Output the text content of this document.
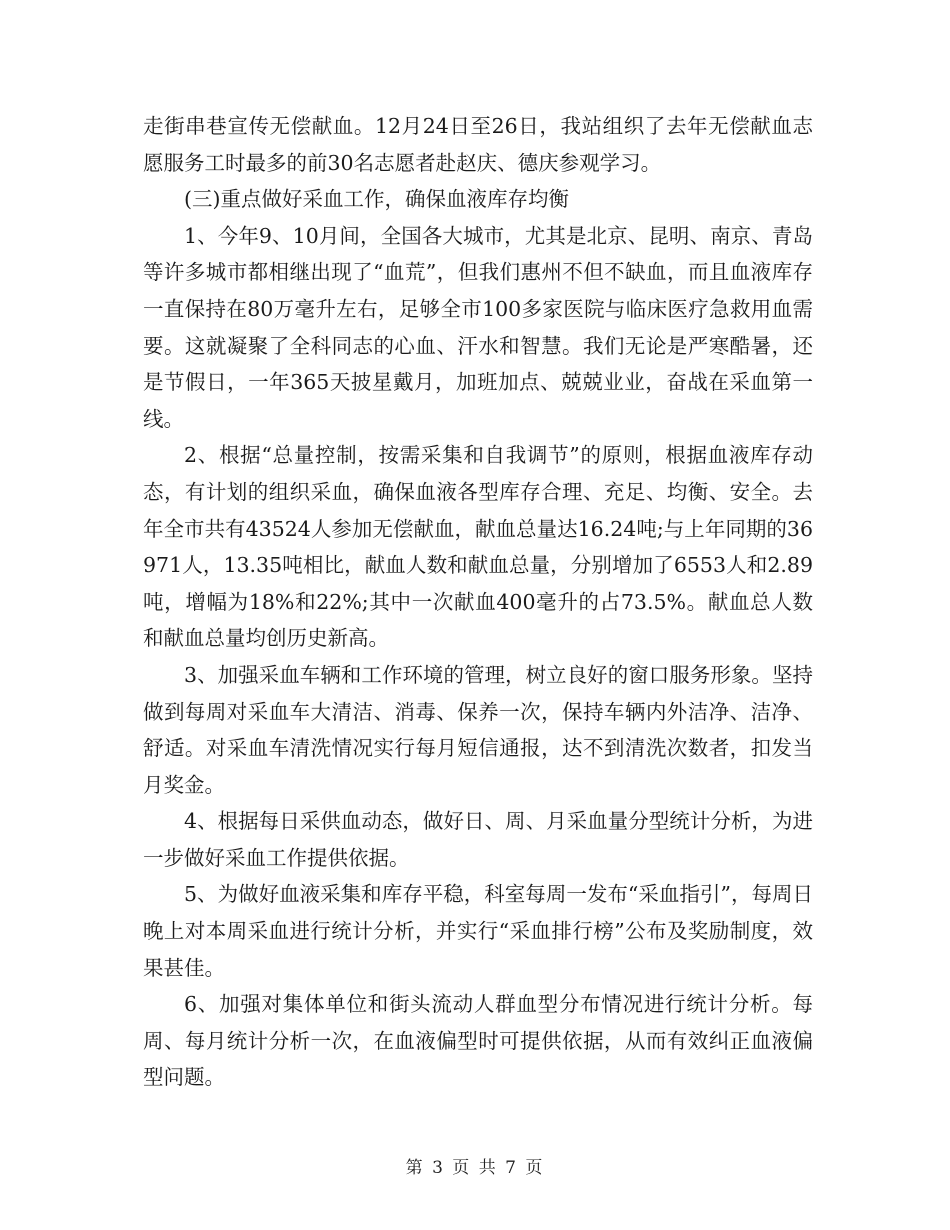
走街串巷宣传无偿献血。12月24日至26日，我站组织了去年无偿献血志愿服务工时最多的前30名志愿者赴赵庆、德庆参观学习。

(三)重点做好采血工作，确保血液库存均衡

1、今年9、10月间，全国各大城市，尤其是北京、昆明、南京、青岛等许多城市都相继出现了“血荒”，但我们惠州不但不缺血，而且血液库存一直保持在80万毫升左右，足够全市100多家医院与临床医疗急救用血需要。这就凝聚了全科同志的心血、汗水和智慧。我们无论是严寒酷暑，还是节假日，一年365天披星戴月，加班加点、兢兢业业，奋战在采血第一线。

2、根据“总量控制，按需采集和自我调节”的原则，根据血液库存动态，有计划的组织采血，确保血液各型库存合理、充足、均衡、安全。去年全市共有43524人参加无偿献血，献血总量达16.24吨;与上年同期的36971人，13.35吨相比，献血人数和献血总量，分别增加了6553人和2.89吨，增幅为18%和22%;其中一次献血400毫升的占73.5%。献血总人数和献血总量均创历史新高。

3、加强采血车辆和工作环境的管理，树立良好的窗口服务形象。坚持做到每周对采血车大清洁、消毒、保养一次，保持车辆内外洁净、洁净、舒适。对采血车清洗情况实行每月短信通报，达不到清洗次数者，扣发当月奖金。

4、根据每日采供血动态，做好日、周、月采血量分型统计分析，为进一步做好采血工作提供依据。

5、为做好血液采集和库存平稳，科室每周一发布“采血指引”，每周日晚上对本周采血进行统计分析，并实行“采血排行榜”公布及奖励制度，效果甚佳。

6、加强对集体单位和街头流动人群血型分布情况进行统计分析。每周、每月统计分析一次，在血液偏型时可提供依据，从而有效纠正血液偏型问题。

第 3 页 共 7 页
